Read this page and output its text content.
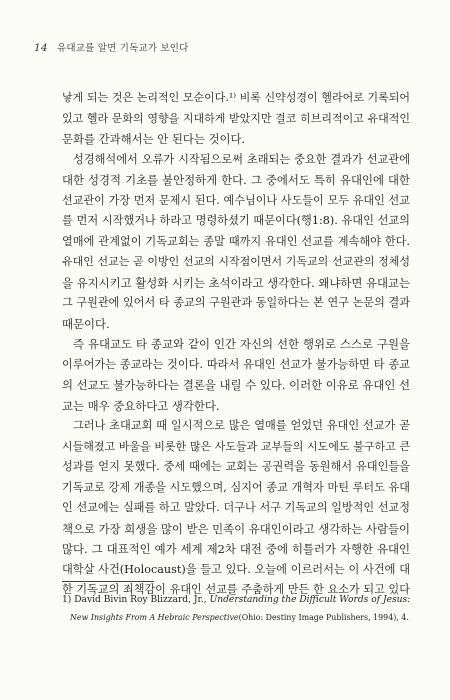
14 유대교를 알면 기독교가 보인다
낳게 되는 것은 논리적인 모순이다.¹⁾ 비록 신약성경이 헬라어로 기록되어
있고 헬라 문화의 영향을 지대하게 받았지만 결코 히브리적이고 유대적인
문화를 간과해서는 안 된다는 것이다.
성경해석에서 오류가 시작됨으로써 초래되는 중요한 결과가 선교관에
대한 성경적 기초를 불안정하게 한다. 그 중에서도 특히 유대인에 대한
선교관이 가장 먼저 문제시 된다. 예수님이나 사도들이 모두 유대인 선교
를 먼저 시작했거나 하라고 명령하셨기 때문이다(행1:8). 유대인 선교의
열매에 관계없이 기독교회는 종말 때까지 유대인 선교를 계속해야 한다.
유대인 선교는 곧 이방인 선교의 시작점이면서 기독교의 선교관의 정체성
을 유지시키고 활성화 시키는 초석이라고 생각한다. 왜냐하면 유대교는
그 구원관에 있어서 타 종교의 구원관과 동일하다는 본 연구 논문의 결과
때문이다.
즉 유대교도 타 종교와 같이 인간 자신의 선한 행위로 스스로 구원을
이루어가는 종교라는 것이다. 따라서 유대인 선교가 불가능하면 타 종교
의 선교도 불가능하다는 결론을 내릴 수 있다. 이러한 이유로 유대인 선
교는 매우 중요하다고 생각한다.
그러나 초대교회 때 일시적으로 많은 열매를 얻었던 유대인 선교가 곧
시들해졌고 바울을 비롯한 많은 사도들과 교부들의 시도에도 불구하고 큰
성과를 얻지 못했다. 중세 때에는 교회는 공권력을 동원해서 유대인들을
기독교로 강제 개종을 시도했으며, 심지어 종교 개혁자 마틴 루터도 유대
인 선교에는 실패를 하고 말았다. 더구나 서구 기독교의 일방적인 선교정
책으로 가장 희생을 많이 받은 민족이 유대인이라고 생각하는 사람들이
많다. 그 대표적인 예가 세계 제2차 대전 중에 히틀러가 자행한 유대인
대학살 사건(Holocaust)을 들고 있다. 오늘에 이르러서는 이 사건에 대
한 기독교의 죄책감이 유대인 선교를 주춤하게 만든 한 요소가 되고 있다
1) David Bivin Roy Blizzard, Jr., Understanding the Difficult Words of Jesus:
New Insights From A Hebraic Perspective(Ohio: Destiny Image Publishers, 1994), 4.
